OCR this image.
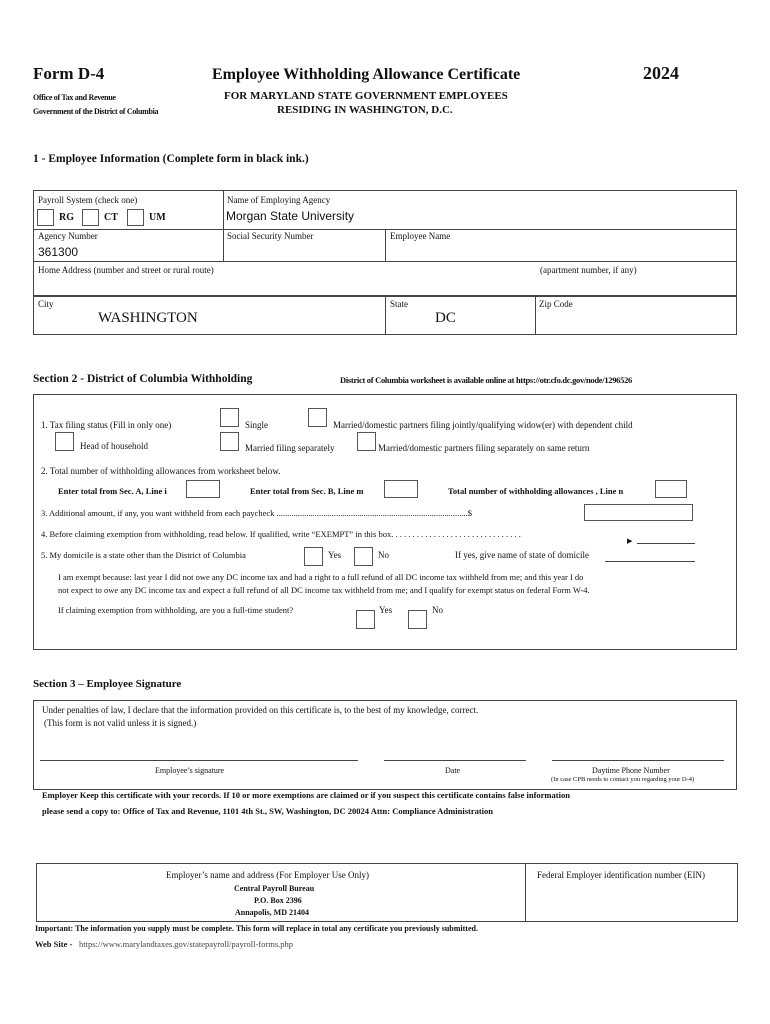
Form D-4	Employee Withholding Allowance Certificate	2024
Office of Tax and Revenue
Government of the District of Columbia
FOR MARYLAND STATE GOVERNMENT EMPLOYEES
RESIDING IN WASHINGTON, D.C.
1 - Employee Information (Complete form in black ink.)
Payroll System (check one)
RG	CT	UM
Name of Employing Agency
Morgan State University
Agency Number
361300
Social Security Number	Employee Name
Home Address (number and street or rural route)	(apartment number, if any)
City
WASHINGTON
State
DC
Zip Code
Section 2 - District of Columbia Withholding	District of Columbia worksheet is available online at https://otr.cfo.dc.gov/node/1296526
1. Tax filing status (Fill in only one)	Single	Married/domestic partners filing jointly/qualifying widow(er) with dependent child
Head of household	Married filing separately	Married/domestic partners filing separately on same return
2. Total number of withholding allowances from worksheet below.
Enter total from Sec. A, Line i	Enter total from Sec. B, Line m	Total number of withholding allowances , Line n
3. Additional amount, if any, you want withheld from each paycheck ..........................................................................................$
4. Before claiming exemption from withholding, read below. If qualified, write “EXEMPT” in this box. . . . . . . . . . . . . . . . . . . . . . . . . . . . . . .
▶
5. My domicile is a state other than the District of Columbia	Yes	No	If yes, give name of state of domicile
I am exempt because: last year I did not owe any DC income tax and had a right to a full refund of all DC income tax withheld from me; and this year I do
not expect to owe any DC income tax and expect a full refund of all DC income tax withheld from me; and I qualify for exempt status on federal Form W-4.
If claiming exemption from withholding, are you a full-time student?	Yes	No
Section 3 – Employee Signature
Under penalties of law, I declare that the information provided on this certificate is, to the best of my knowledge, correct.
(This form is not valid unless it is signed.)
Employee’s signature	Date	Daytime Phone Number
(In case CPB needs to contact you regarding your D-4)
Employer Keep this certificate with your records. If 10 or more exemptions are claimed or if you suspect this certificate contains false information
please send a copy to: Office of Tax and Revenue, 1101 4th St., SW, Washington, DC 20024 Attn: Compliance Administration
Employer’s name and address (For Employer Use Only)
Central Payroll Bureau
P.O. Box 2396
Annapolis, MD 21404
Federal Employer identification number (EIN)
Important: The information you supply must be complete. This form will replace in total any certificate you previously submitted.
Web Site - https://www.marylandtaxes.gov/statepayroll/payroll-forms.php
